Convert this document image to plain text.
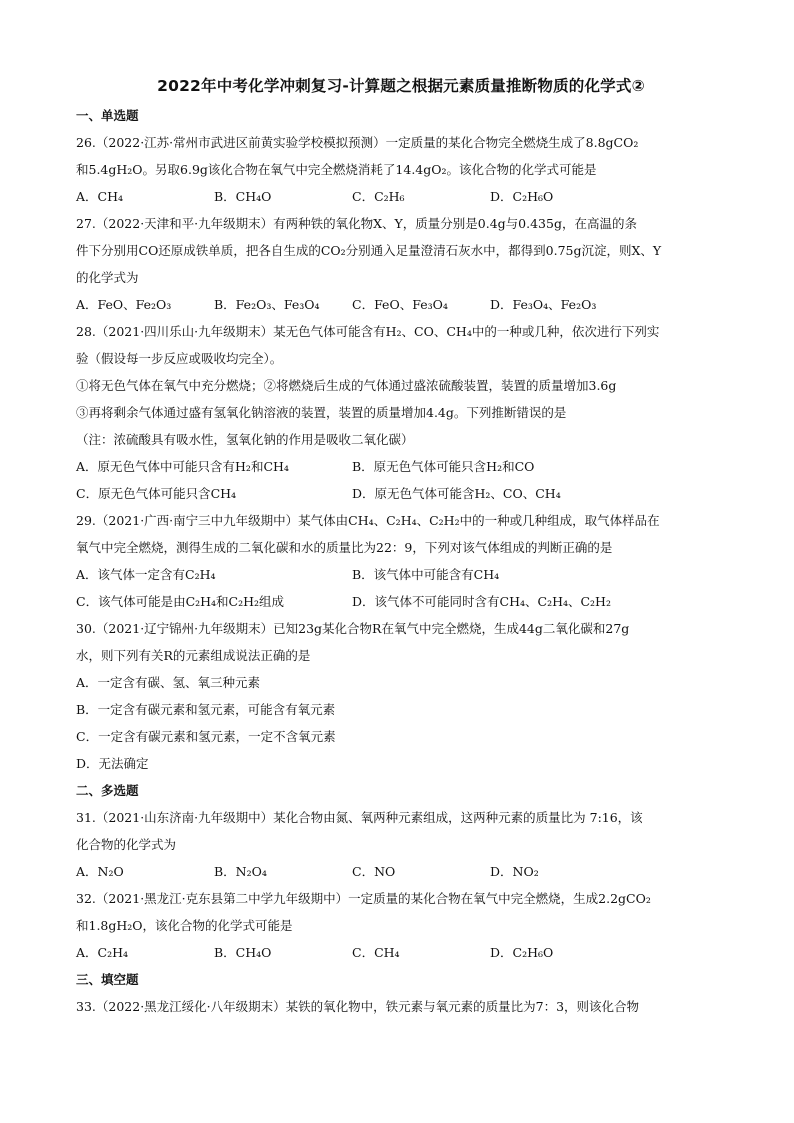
2022年中考化学冲刺复习-计算题之根据元素质量推断物质的化学式②
一、单选题
26.（2022·江苏·常州市武进区前黄实验学校模拟预测）一定质量的某化合物完全燃烧生成了8.8gCO₂
和5.4gH₂O。另取6.9g该化合物在氧气中完全燃烧消耗了14.4gO₂。该化合物的化学式可能是
A．CH₄	B．CH₄O	C．C₂H₆	D．C₂H₆O
27.（2022·天津和平·九年级期末）有两种铁的氧化物X、Y，质量分别是0.4g与0.435g，在高温的条
件下分别用CO还原成铁单质，把各自生成的CO₂分别通入足量澄清石灰水中，都得到0.75g沉淀，则X、Y
的化学式为
A．FeO、Fe₂O₃	B．Fe₂O₃、Fe₃O₄	C．FeO、Fe₃O₄	D．Fe₃O₄、Fe₂O₃
28.（2021·四川乐山·九年级期末）某无色气体可能含有H₂、CO、CH₄中的一种或几种，依次进行下列实
验（假设每一步反应或吸收均完全）。
①将无色气体在氧气中充分燃烧；②将燃烧后生成的气体通过盛浓硫酸装置，装置的质量增加3.6g
③再将剩余气体通过盛有氢氧化钠溶液的装置，装置的质量增加4.4g。下列推断错误的是
（注：浓硫酸具有吸水性，氢氧化钠的作用是吸收二氧化碳）
A．原无色气体中可能只含有H₂和CH₄	B．原无色气体可能只含H₂和CO
C．原无色气体可能只含CH₄	D．原无色气体可能含H₂、CO、CH₄
29.（2021·广西·南宁三中九年级期中）某气体由CH₄、C₂H₄、C₂H₂中的一种或几种组成，取气体样品在
氧气中完全燃烧，测得生成的二氧化碳和水的质量比为22：9，下列对该气体组成的判断正确的是
A．该气体一定含有C₂H₄	B．该气体中可能含有CH₄
C．该气体可能是由C₂H₄和C₂H₂组成	D．该气体不可能同时含有CH₄、C₂H₄、C₂H₂
30.（2021·辽宁锦州·九年级期末）已知23g某化合物R在氧气中完全燃烧，生成44g二氧化碳和27g
水，则下列有关R的元素组成说法正确的是
A．一定含有碳、氢、氧三种元素
B．一定含有碳元素和氢元素，可能含有氧元素
C．一定含有碳元素和氢元素，一定不含氧元素
D．无法确定
二、多选题
31.（2021·山东济南·九年级期中）某化合物由氮、氧两种元素组成，这两种元素的质量比为 7:16，该
化合物的化学式为
A．N₂O	B．N₂O₄	C．NO	D．NO₂
32.（2021·黑龙江·克东县第二中学九年级期中）一定质量的某化合物在氧气中完全燃烧，生成2.2gCO₂
和1.8gH₂O，该化合物的化学式可能是
A．C₂H₄	B．CH₄O	C．CH₄	D．C₂H₆O
三、填空题
33.（2022·黑龙江绥化·八年级期末）某铁的氧化物中，铁元素与氧元素的质量比为7：3，则该化合物
